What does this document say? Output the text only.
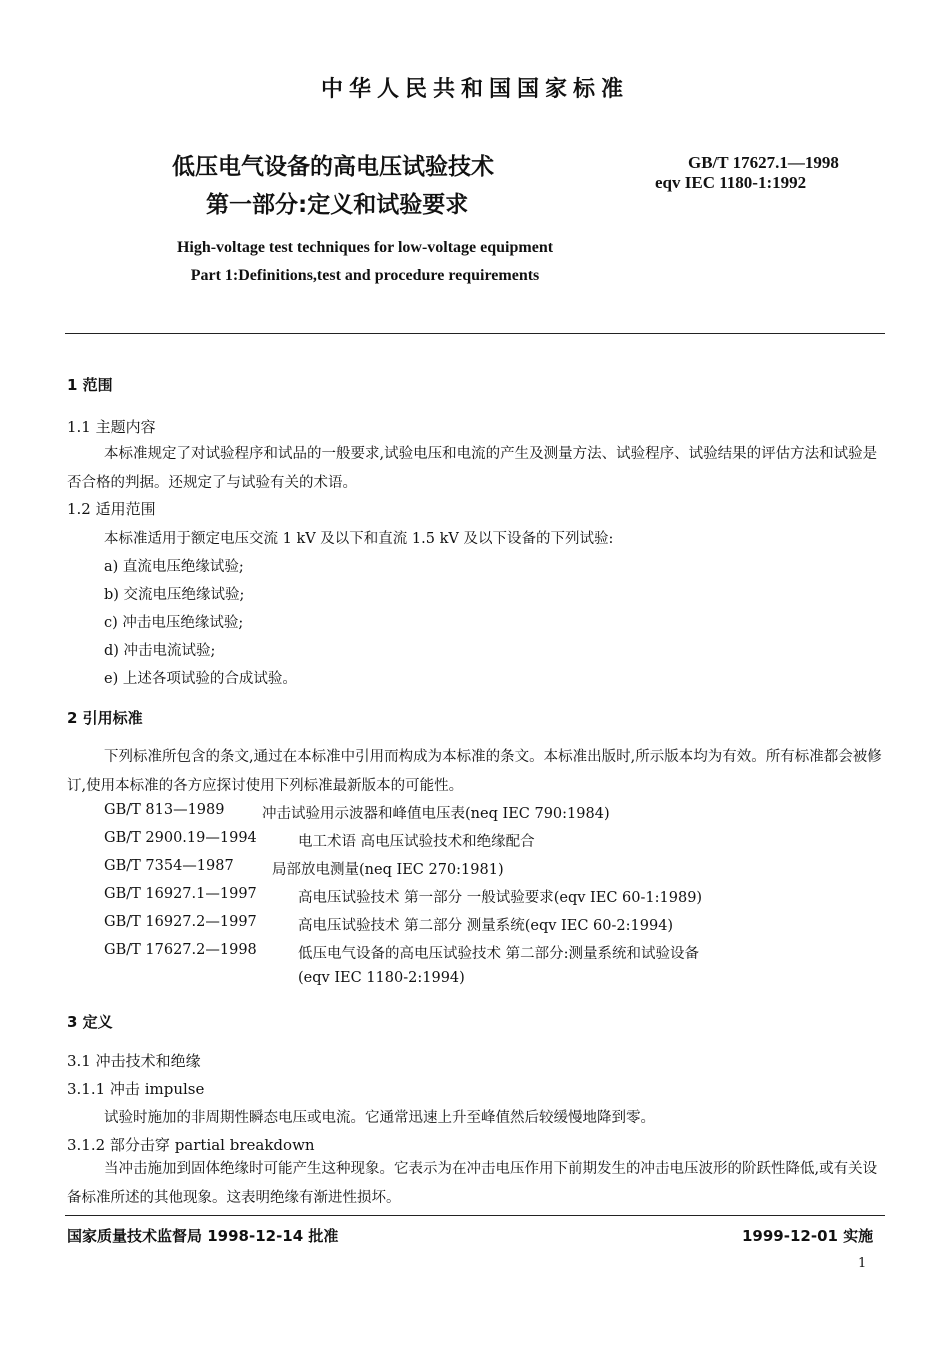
中华人民共和国国家标准
低压电气设备的高电压试验技术
第一部分:定义和试验要求
GB/T 17627.1—1998
eqv IEC 1180-1:1992
High-voltage test techniques for low-voltage equipment
Part 1:Definitions,test and procedure requirements
1 范围
1.1 主题内容
本标准规定了对试验程序和试品的一般要求,试验电压和电流的产生及测量方法、试验程序、试验结果的评估方法和试验是否合格的判据。还规定了与试验有关的术语。
1.2 适用范围
本标准适用于额定电压交流 1 kV 及以下和直流 1.5 kV 及以下设备的下列试验:
a) 直流电压绝缘试验;
b) 交流电压绝缘试验;
c) 冲击电压绝缘试验;
d) 冲击电流试验;
e) 上述各项试验的合成试验。
2 引用标准
下列标准所包含的条文,通过在本标准中引用而构成为本标准的条文。本标准出版时,所示版本均为有效。所有标准都会被修订,使用本标准的各方应探讨使用下列标准最新版本的可能性。
GB/T 813—1989	冲击试验用示波器和峰值电压表(neq IEC 790:1984)
GB/T 2900.19—1994	电工术语 高电压试验技术和绝缘配合
GB/T 7354—1987	局部放电测量(neq IEC 270:1981)
GB/T 16927.1—1997	高电压试验技术 第一部分 一般试验要求(eqv IEC 60-1:1989)
GB/T 16927.2—1997	高电压试验技术 第二部分 测量系统(eqv IEC 60-2:1994)
GB/T 17627.2—1998	低压电气设备的高电压试验技术 第二部分:测量系统和试验设备
(eqv IEC 1180-2:1994)
3 定义
3.1 冲击技术和绝缘
3.1.1 冲击 impulse
试验时施加的非周期性瞬态电压或电流。它通常迅速上升至峰值然后较缓慢地降到零。
3.1.2 部分击穿 partial breakdown
当冲击施加到固体绝缘时可能产生这种现象。它表示为在冲击电压作用下前期发生的冲击电压波形的阶跃性降低,或有关设备标准所述的其他现象。这表明绝缘有渐进性损坏。
国家质量技术监督局 1998-12-14 批准	1999-12-01 实施
1
